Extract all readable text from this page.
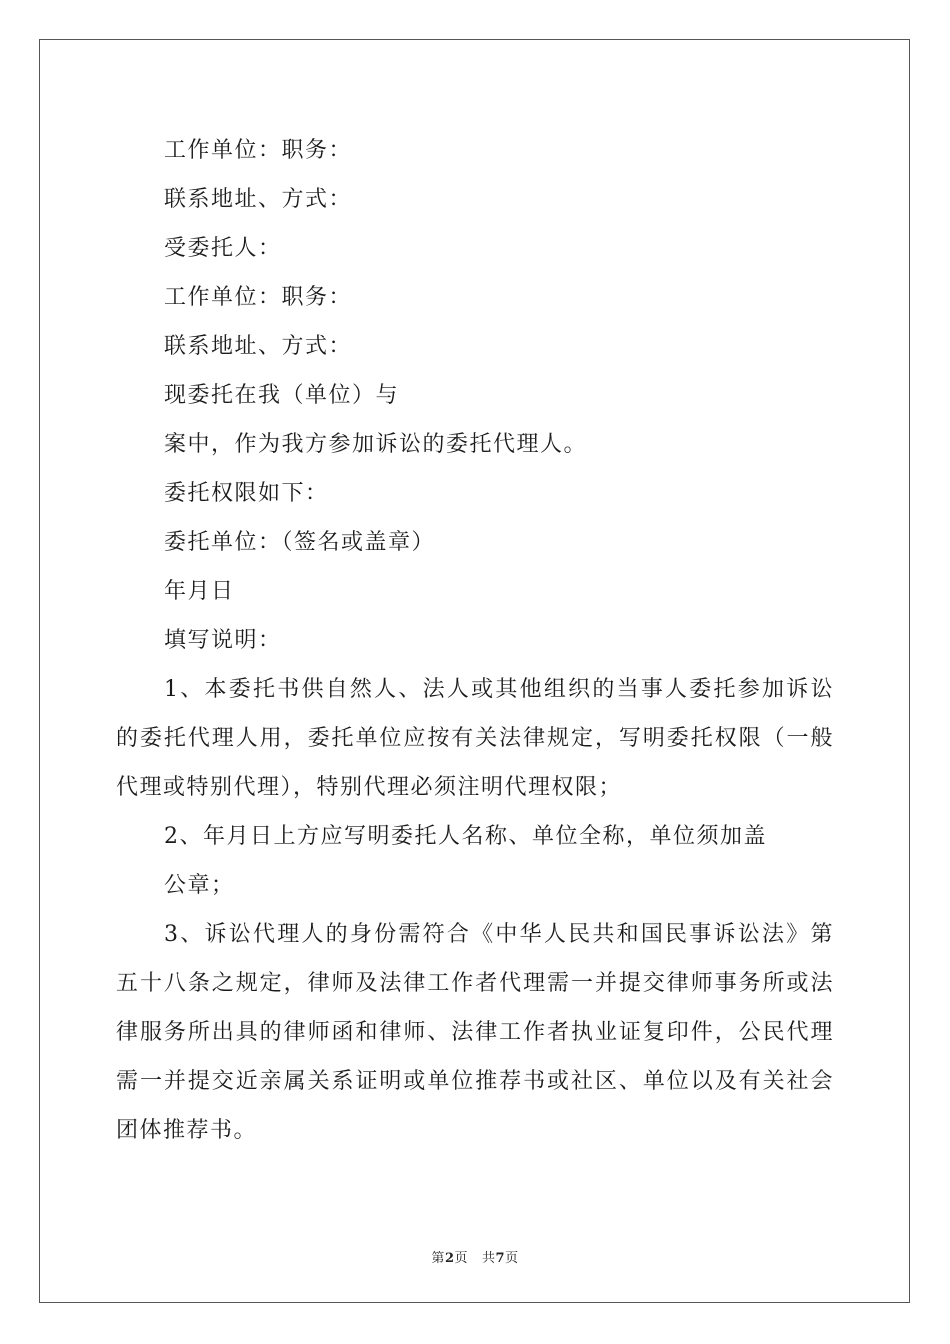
工作单位：职务：

联系地址、方式：

受委托人：

工作单位：职务：

联系地址、方式：

现委托在我（单位）与

案中，作为我方参加诉讼的委托代理人。

委托权限如下：

委托单位：（签名或盖章）

年月日

填写说明：

1、本委托书供自然人、法人或其他组织的当事人委托参加诉讼的委托代理人用，委托单位应按有关法律规定，写明委托权限（一般代理或特别代理），特别代理必须注明代理权限；

2、年月日上方应写明委托人名称、单位全称，单位须加盖

公章；

3、诉讼代理人的身份需符合《中华人民共和国民事诉讼法》第五十八条之规定，律师及法律工作者代理需一并提交律师事务所或法律服务所出具的律师函和律师、法律工作者执业证复印件，公民代理需一并提交近亲属关系证明或单位推荐书或社区、单位以及有关社会团体推荐书。

第2页 共7页
